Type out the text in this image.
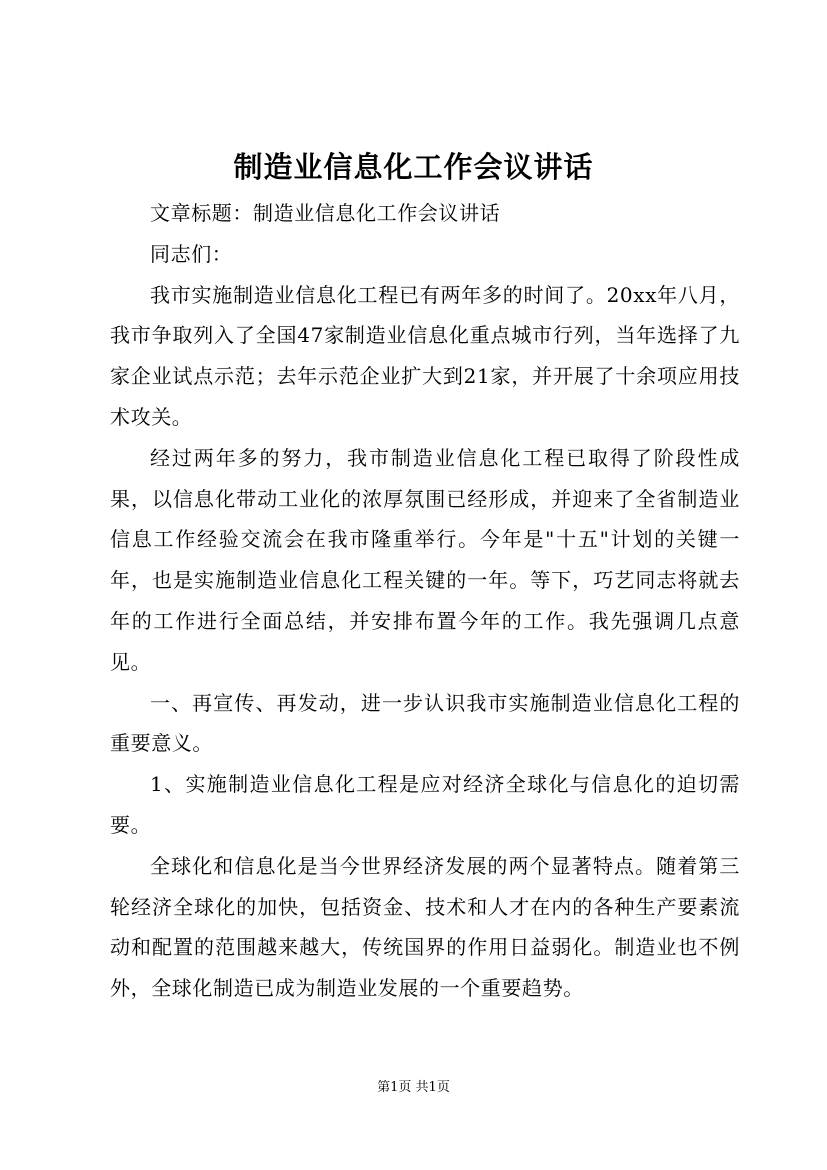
制造业信息化工作会议讲话

文章标题：制造业信息化工作会议讲话

同志们：

我市实施制造业信息化工程已有两年多的时间了。20xx年八月，我市争取列入了全国47家制造业信息化重点城市行列，当年选择了九家企业试点示范；去年示范企业扩大到21家，并开展了十余项应用技术攻关。

经过两年多的努力，我市制造业信息化工程已取得了阶段性成果，以信息化带动工业化的浓厚氛围已经形成，并迎来了全省制造业信息工作经验交流会在我市隆重举行。今年是"十五"计划的关键一年，也是实施制造业信息化工程关键的一年。等下，巧艺同志将就去年的工作进行全面总结，并安排布置今年的工作。我先强调几点意见。

一、再宣传、再发动，进一步认识我市实施制造业信息化工程的重要意义。

1、实施制造业信息化工程是应对经济全球化与信息化的迫切需要。

全球化和信息化是当今世界经济发展的两个显著特点。随着第三轮经济全球化的加快，包括资金、技术和人才在内的各种生产要素流动和配置的范围越来越大，传统国界的作用日益弱化。制造业也不例外，全球化制造已成为制造业发展的一个重要趋势。

第1页 共1页
